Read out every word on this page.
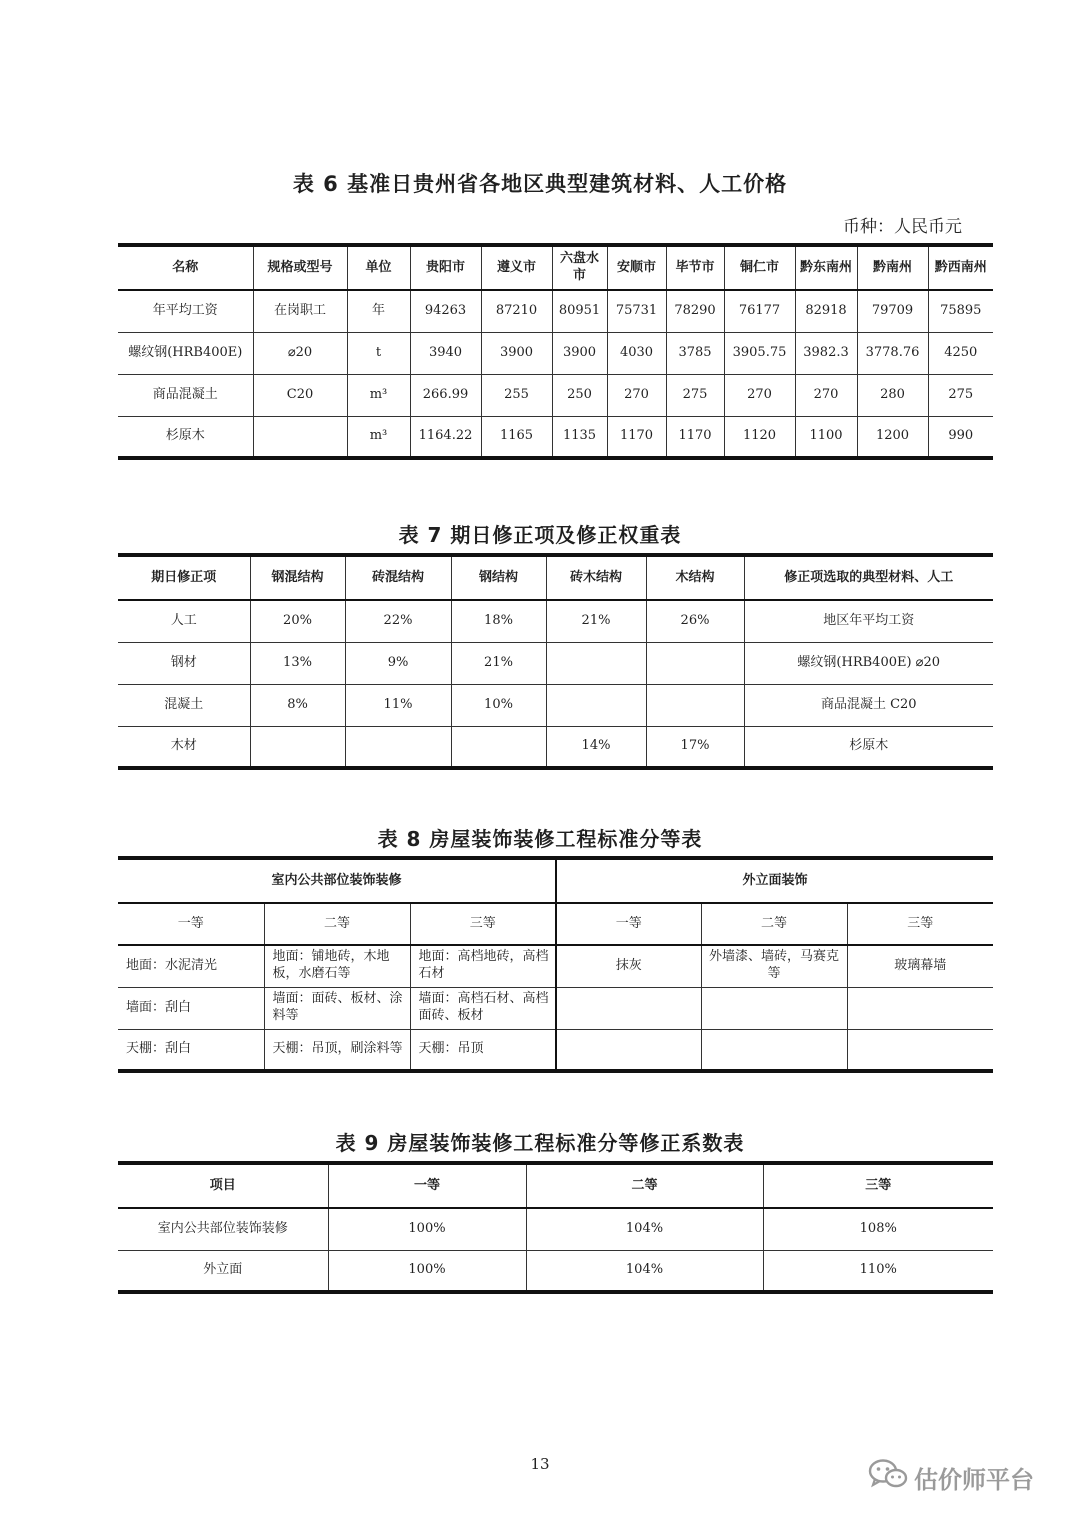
表 6 基准日贵州省各地区典型建筑材料、人工价格
币种：人民币元
名称	规格或型号	单位	贵阳市	遵义市	六盘水市	安顺市	毕节市	铜仁市	黔东南州	黔南州	黔西南州
年平均工资	在岗职工	年	94263	87210	80951	75731	78290	76177	82918	79709	75895
螺纹钢(HRB400E)	⌀20	t	3940	3900	3900	4030	3785	3905.75	3982.3	3778.76	4250
商品混凝土	C20	m³	266.99	255	250	270	275	270	270	280	275
杉原木		m³	1164.22	1165	1135	1170	1170	1120	1100	1200	990
表 7 期日修正项及修正权重表
期日修正项	钢混结构	砖混结构	钢结构	砖木结构	木结构	修正项选取的典型材料、人工
人工	20%	22%	18%	21%	26%	地区年平均工资
钢材	13%	9%	21%			螺纹钢(HRB400E) ⌀20
混凝土	8%	11%	10%			商品混凝土 C20
木材				14%	17%	杉原木
表 8 房屋装饰装修工程标准分等表
室内公共部位装饰装修			外立面装饰		
一等	二等	三等	一等	二等	三等
地面：水泥清光	地面：铺地砖，木地板，水磨石等	地面：高档地砖，高档石材	抹灰	外墙漆、墙砖，马赛克等	玻璃幕墙
墙面：刮白	墙面：面砖、板材、涂料等	墙面：高档石材、高档面砖、板材			
天棚：刮白	天棚：吊顶，刷涂料等	天棚：吊顶			
表 9 房屋装饰装修工程标准分等修正系数表
项目	一等	二等	三等
室内公共部位装饰装修	100%	104%	108%
外立面	100%	104%	110%
13
估价师平台
